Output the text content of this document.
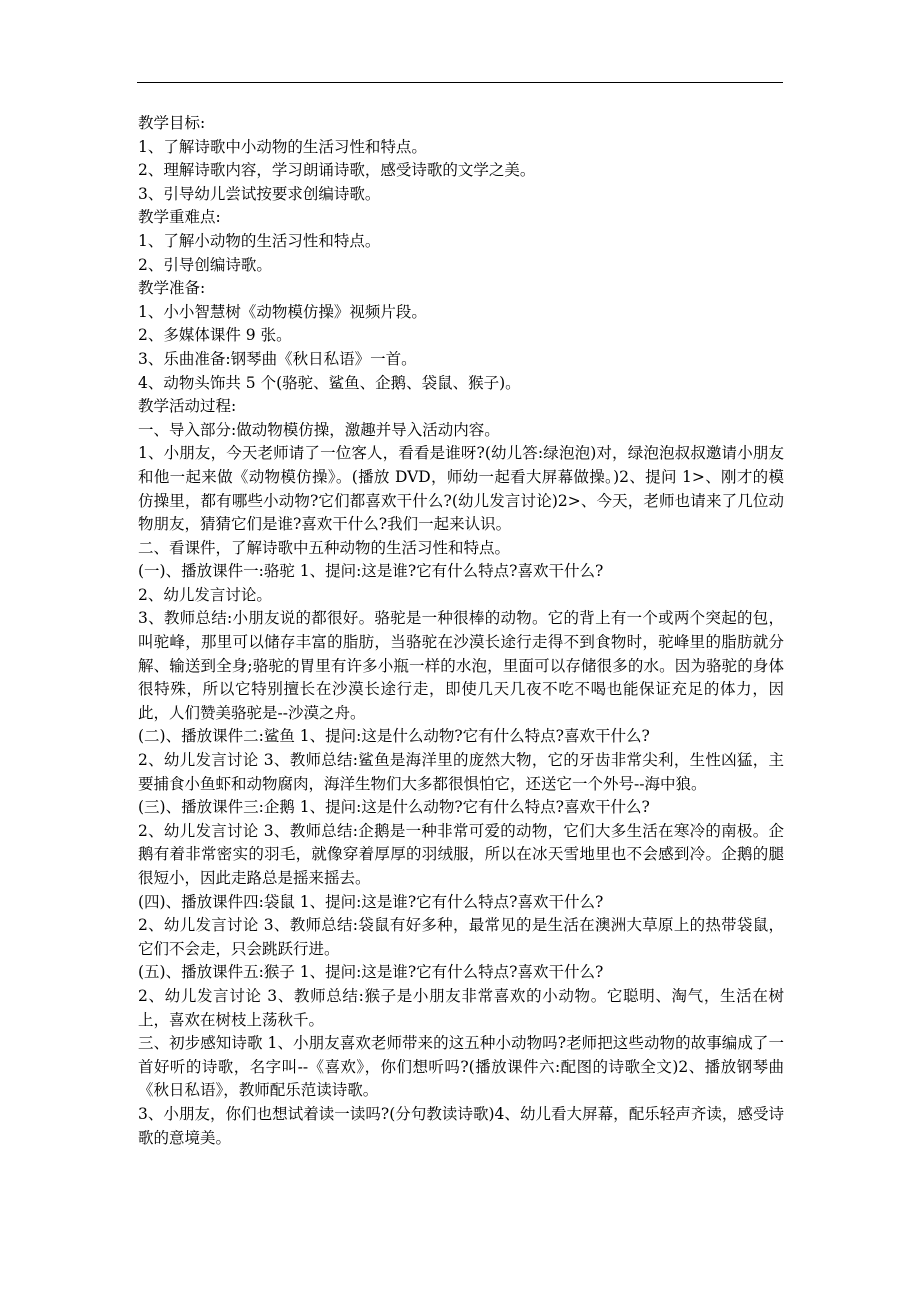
教学目标:

1、了解诗歌中小动物的生活习性和特点。

2、理解诗歌内容，学习朗诵诗歌，感受诗歌的文学之美。

3、引导幼儿尝试按要求创编诗歌。

教学重难点:

1、了解小动物的生活习性和特点。

2、引导创编诗歌。

教学准备:

1、小小智慧树《动物模仿操》视频片段。

2、多媒体课件 9 张。

3、乐曲准备:钢琴曲《秋日私语》一首。

4、动物头饰共 5 个(骆驼、鲨鱼、企鹅、袋鼠、猴子)。

教学活动过程:

一、导入部分:做动物模仿操，激趣并导入活动内容。

1、小朋友，今天老师请了一位客人，看看是谁呀?(幼儿答:绿泡泡)对，绿泡泡叔叔邀请小朋友和他一起来做《动物模仿操》。(播放 DVD，师幼一起看大屏幕做操。)2、提问 1>、刚才的模仿操里，都有哪些小动物?它们都喜欢干什么?(幼儿发言讨论)2>、今天，老师也请来了几位动物朋友，猜猜它们是谁?喜欢干什么?我们一起来认识。

二、看课件，了解诗歌中五种动物的生活习性和特点。

(一)、播放课件一:骆驼 1、提问:这是谁?它有什么特点?喜欢干什么?

2、幼儿发言讨论。

3、教师总结:小朋友说的都很好。骆驼是一种很棒的动物。它的背上有一个或两个突起的包，叫驼峰，那里可以储存丰富的脂肪，当骆驼在沙漠长途行走得不到食物时，驼峰里的脂肪就分解、输送到全身;骆驼的胃里有许多小瓶一样的水泡，里面可以存储很多的水。因为骆驼的身体很特殊，所以它特别擅长在沙漠长途行走，即使几天几夜不吃不喝也能保证充足的体力，因此，人们赞美骆驼是--沙漠之舟。

(二)、播放课件二:鲨鱼 1、提问:这是什么动物?它有什么特点?喜欢干什么?

2、幼儿发言讨论 3、教师总结:鲨鱼是海洋里的庞然大物，它的牙齿非常尖利，生性凶猛，主要捕食小鱼虾和动物腐肉，海洋生物们大多都很惧怕它，还送它一个外号--海中狼。

(三)、播放课件三:企鹅 1、提问:这是什么动物?它有什么特点?喜欢干什么?

2、幼儿发言讨论 3、教师总结:企鹅是一种非常可爱的动物，它们大多生活在寒冷的南极。企鹅有着非常密实的羽毛，就像穿着厚厚的羽绒服，所以在冰天雪地里也不会感到冷。企鹅的腿很短小，因此走路总是摇来摇去。

(四)、播放课件四:袋鼠 1、提问:这是谁?它有什么特点?喜欢干什么?

2、幼儿发言讨论 3、教师总结:袋鼠有好多种，最常见的是生活在澳洲大草原上的热带袋鼠，它们不会走，只会跳跃行进。

(五)、播放课件五:猴子 1、提问:这是谁?它有什么特点?喜欢干什么?

2、幼儿发言讨论 3、教师总结:猴子是小朋友非常喜欢的小动物。它聪明、淘气，生活在树上，喜欢在树枝上荡秋千。

三、初步感知诗歌 1、小朋友喜欢老师带来的这五种小动物吗?老师把这些动物的故事编成了一首好听的诗歌，名字叫--《喜欢》，你们想听吗?(播放课件六:配图的诗歌全文)2、播放钢琴曲《秋日私语》，教师配乐范读诗歌。

3、小朋友，你们也想试着读一读吗?(分句教读诗歌)4、幼儿看大屏幕，配乐轻声齐读，感受诗歌的意境美。
